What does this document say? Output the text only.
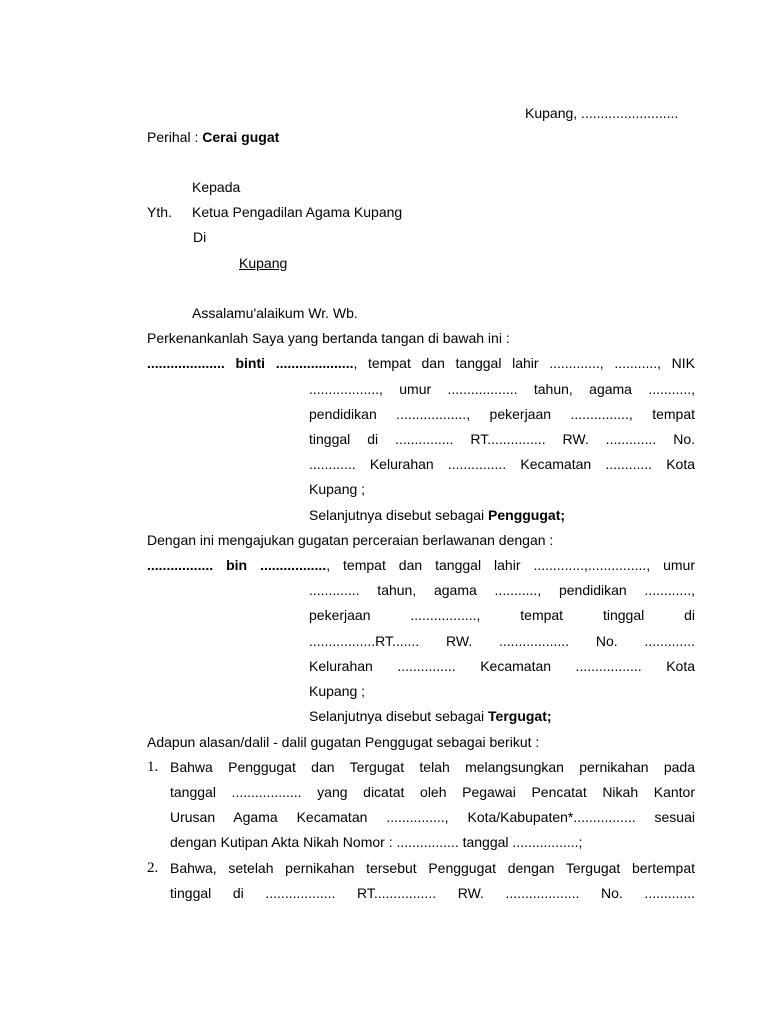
Kupang, .........................
Perihal : Cerai gugat
Kepada
Yth. Ketua Pengadilan Agama Kupang
Di
Kupang
Assalamu'alaikum Wr. Wb.
Perkenankanlah Saya yang bertanda tangan di bawah ini :
.................... binti ...................., tempat dan tanggal lahir ............., ..........., NIK
.................., umur .................. tahun, agama ...........,
pendidikan .................., pekerjaan ..............., tempat
tinggal di ............... RT............... RW. ............. No.
............ Kelurahan ............... Kecamatan ............ Kota
Kupang ;
Selanjutnya disebut sebagai Penggugat;
Dengan ini mengajukan gugatan perceraian berlawanan dengan :
................. bin ................., tempat dan tanggal lahir .............,..............., umur
............. tahun, agama ..........., pendidikan ............,
pekerjaan ................., tempat tinggal di
.................RT....... RW. .................. No. .............
Kelurahan ............... Kecamatan ................. Kota
Kupang ;
Selanjutnya disebut sebagai Tergugat;
Adapun alasan/dalil - dalil gugatan Penggugat sebagai berikut :
1. Bahwa Penggugat dan Tergugat telah melangsungkan pernikahan pada
tanggal .................. yang dicatat oleh Pegawai Pencatat Nikah Kantor
Urusan Agama Kecamatan ..............., Kota/Kabupaten*................ sesuai
dengan Kutipan Akta Nikah Nomor : ................ tanggal .................;
2. Bahwa, setelah pernikahan tersebut Penggugat dengan Tergugat bertempat
tinggal di .................. RT................ RW. ................... No. .............
